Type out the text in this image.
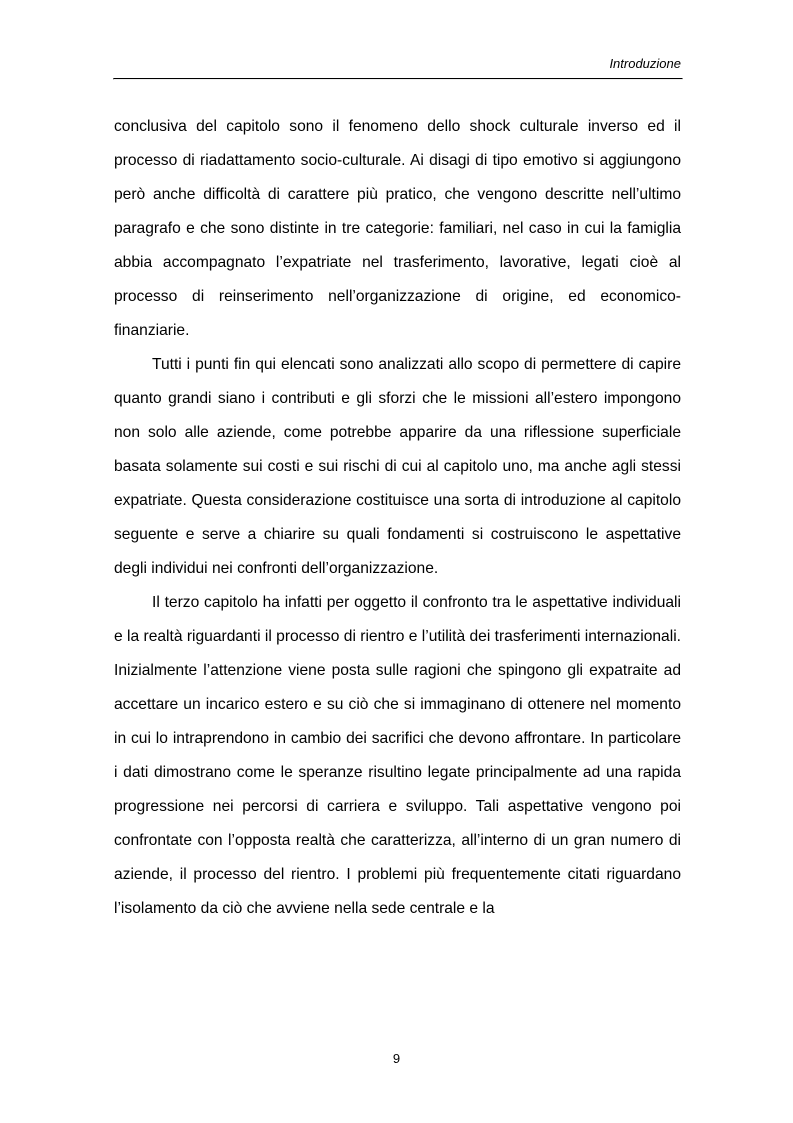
Introduzione

conclusiva del capitolo sono il fenomeno dello shock culturale inverso ed il processo di riadattamento socio-culturale. Ai disagi di tipo emotivo si aggiungono però anche difficoltà di carattere più pratico, che vengono descritte nell’ultimo paragrafo e che sono distinte in tre categorie: familiari, nel caso in cui la famiglia abbia accompagnato l’expatriate nel trasferimento, lavorative, legati cioè al processo di reinserimento nell’organizzazione di origine, ed economico-finanziarie.

Tutti i punti fin qui elencati sono analizzati allo scopo di permettere di capire quanto grandi siano i contributi e gli sforzi che le missioni all’estero impongono non solo alle aziende, come potrebbe apparire da una riflessione superficiale basata solamente sui costi e sui rischi di cui al capitolo uno, ma anche agli stessi expatriate. Questa considerazione costituisce una sorta di introduzione al capitolo seguente e serve a chiarire su quali fondamenti si costruiscono le aspettative degli individui nei confronti dell’organizzazione.

Il terzo capitolo ha infatti per oggetto il confronto tra le aspettative individuali e la realtà riguardanti il processo di rientro e l’utilità dei trasferimenti internazionali. Inizialmente l’attenzione viene posta sulle ragioni che spingono gli expatraite ad accettare un incarico estero e su ciò che si immaginano di ottenere nel momento in cui lo intraprendono in cambio dei sacrifici che devono affrontare. In particolare i dati dimostrano come le speranze risultino legate principalmente ad una rapida progressione nei percorsi di carriera e sviluppo. Tali aspettative vengono poi confrontate con l’opposta realtà che caratterizza, all’interno di un gran numero di aziende, il processo del rientro. I problemi più frequentemente citati riguardano l’isolamento da ciò che avviene nella sede centrale e la

9
